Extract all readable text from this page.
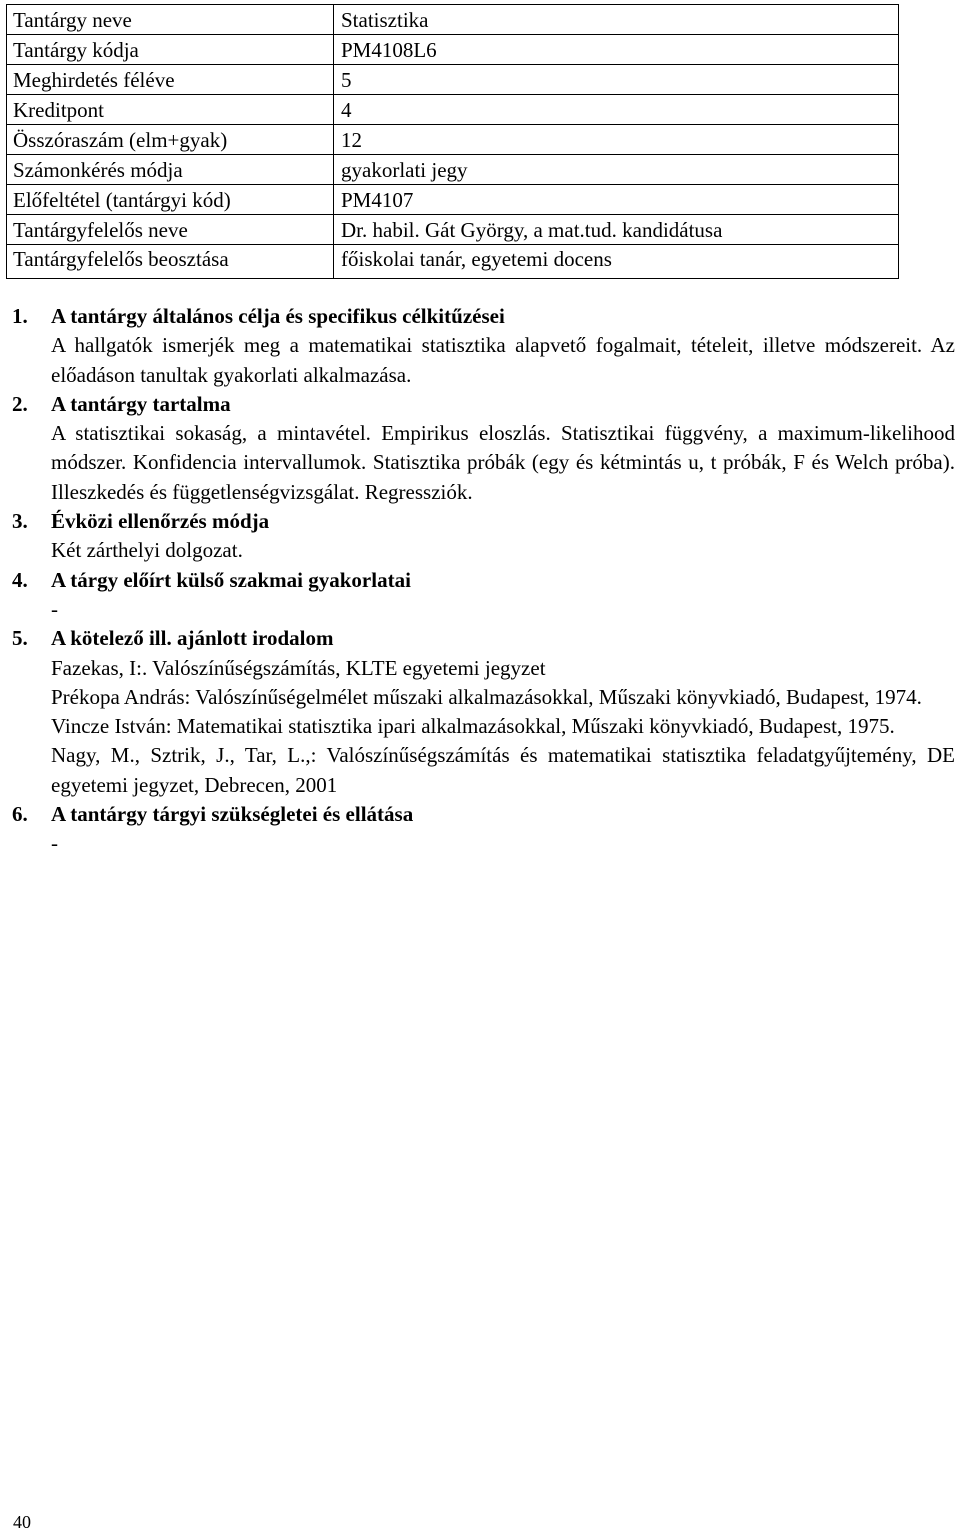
Tantárgy neve	Statisztika
Tantárgy kódja	PM4108L6
Meghirdetés féléve	5
Kreditpont	4
Összóraszám (elm+gyak)	12
Számonkérés módja	gyakorlati jegy
Előfeltétel (tantárgyi kód)	PM4107
Tantárgyfelelős neve	Dr. habil. Gát György, a mat.tud. kandidátusa
Tantárgyfelelős beosztása	főiskolai tanár, egyetemi docens
1.	A tantárgy általános célja és specifikus célkitűzései
A hallgatók ismerjék meg a matematikai statisztika alapvető fogalmait, tételeit, illetve módszereit. Az előadáson tanultak gyakorlati alkalmazása.
2.	A tantárgy tartalma
A statisztikai sokaság, a mintavétel. Empirikus eloszlás. Statisztikai függvény, a maximum-likelihood módszer. Konfidencia intervallumok. Statisztika próbák (egy és kétmintás u, t próbák, F és Welch próba). Illeszkedés és függetlenségvizsgálat. Regressziók.
3.	Évközi ellenőrzés módja
Két zárthelyi dolgozat.
4.	A tárgy előírt külső szakmai gyakorlatai
-
5.	A kötelező ill. ajánlott irodalom
Fazekas, I:. Valószínűségszámítás, KLTE egyetemi jegyzet
Prékopa András: Valószínűségelmélet műszaki alkalmazásokkal, Műszaki könyvkiadó, Budapest, 1974.
Vincze István: Matematikai statisztika ipari alkalmazásokkal, Műszaki könyvkiadó, Budapest, 1975.
Nagy, M., Sztrik, J., Tar, L.,: Valószínűségszámítás és matematikai statisztika feladatgyűjtemény, DE egyetemi jegyzet, Debrecen, 2001
6.	A tantárgy tárgyi szükségletei és ellátása
-
40
